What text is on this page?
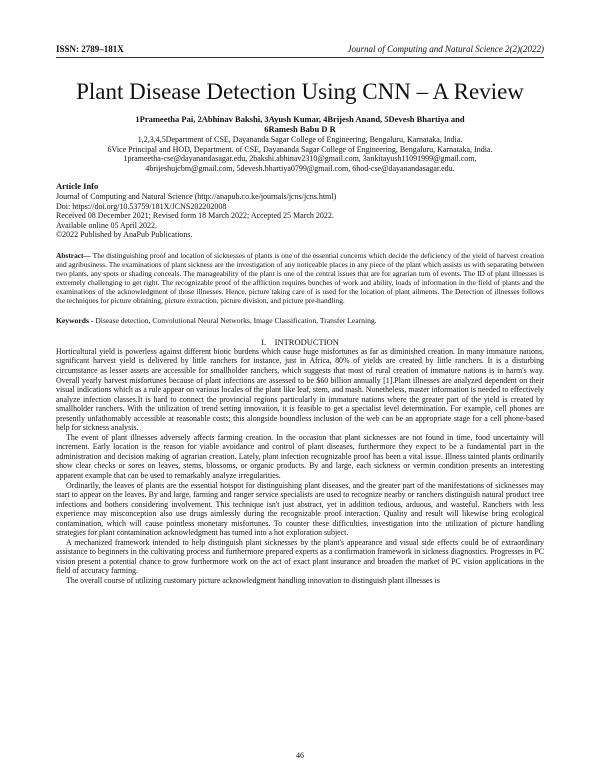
ISSN: 2789–181X	Journal of Computing and Natural Science 2(2)(2022)
Plant Disease Detection Using CNN – A Review
1Prameetha Pai, 2Abhinav Bakshi, 3Ayush Kumar, 4Brijesh Anand, 5Devesh Bhartiya and
6Ramesh Babu D R
1,2,3,4,5Department of CSE, Dayananda Sagar College of Engineering, Bengaluru, Karnataka, India.
6Vice Principal and HOD, Department. of CSE, Dayananda Sagar College of Engineering, Bengaluru, Karnataka, India.
1prameetha-cse@dayanandasagar.edu, 2bakshi.abhinav2310@gmail.com, 3ankitayush11091999@gmail.com,
4brijeshujcbm@gmail.com, 5devesh.bhartiya0799@gmail.com, 6hod-cse@dayanandasagar.edu.
Article Info
Journal of Computing and Natural Science (http://anapub.co.ke/journals/jcns/jcns.html)
Doi: https://doi.org/10.53759/181X/JCNS202202008
Received 08 December 2021; Revised form 18 March 2022; Accepted 25 March 2022.
Available online 05 April 2022.
©2022 Published by AnaPub Publications.
Abstract— The distinguishing proof and location of sicknesses of plants is one of the essential concerns which decide the deficiency of the yield of harvest creation and agribusiness. The examinations of plant sickness are the investigation of any noticeable places in any piece of the plant which assists us with separating between two plants, any spots or shading conceals. The manageability of the plant is one of the central issues that are for agrarian turn of events. The ID of plant illnesses is extremely challenging to get right. The recognizable proof of the affliction requires bunches of work and ability, loads of information in the field of plants and the examinations of the acknowledgment of those illnesses. Hence, picture taking care of is used for the location of plant ailments. The Detection of illnesses follows the techniques for picture obtaining, picture extraction, picture division, and picture pre-handling.
Keywords - Disease detection, Convolutional Neural Networks, Image Classification, Transfer Learning.
I.    INTRODUCTION

Horticultural yield is powerless against different biotic burdens which cause huge misfortunes as far as diminished creation. In many immature nations, significant harvest yield is delivered by little ranchers for instance, just in Africa, 80% of yields are created by little ranchers. It is a disturbing circumstance as lesser assets are accessible for smallholder ranchers, which suggests that most of rural creation of immature nations is in harm's way. Overall yearly harvest misfortunes because of plant infections are assessed to be $60 billion annually [1].Plant illnesses are analyzed dependent on their visual indications which as a rule appear on various locales of the plant like leaf, stem, and mash. Nonetheless, master information is needed to effectively analyze infection classes.It is hard to connect the provincial regions particularly in immature nations where the greater part of the yield is created by smallholder ranchers. With the utilization of trend setting innovation, it is feasible to get a specialist level determination. For example, cell phones are presently unfathomably accessible at reasonable costs; this alongside boundless inclusion of the web can be an appropriate stage for a cell phone-based help for sickness analysis.

The event of plant illnesses adversely affects farming creation. In the occasion that plant sicknesses are not found in time, food uncertainty will increment. Early location is the reason for viable avoidance and control of plant diseases, furthermore they expect to be a fundamental part in the administration and decision making of agrarian creation. Lately, plant infection recognizable proof has been a vital issue. Illness tainted plants ordinarily show clear checks or sores on leaves, stems, blossoms, or organic products. By and large, each sickness or vermin condition presents an interesting apparent example that can be used to remarkably analyze irregularities.

Ordinarily, the leaves of plants are the essential hotspot for distinguishing plant diseases, and the greater part of the manifestations of sicknesses may start to appear on the leaves. By and large, farming and ranger service specialists are used to recognize nearby or ranchers distinguish natural product tree infections and bothers considering involvement. This technique isn't just abstract, yet in addition tedious, arduous, and wasteful. Ranchers with less experience may misconception also use drugs aimlessly during the recognizable proof interaction. Quality and result will likewise bring ecological contamination, which will cause pointless monetary misfortunes. To counter these difficulties, investigation into the utilization of picture handling strategies for plant contamination acknowledgment has turned into a hot exploration subject.

A mechanized framework intended to help distinguish plant sicknesses by the plant's appearance and visual side effects could be of extraordinary assistance to beginners in the cultivating process and furthermore prepared experts as a confirmation framework in sickness diagnostics. Progresses in PC vision present a potential chance to grow furthermore work on the act of exact plant insurance and broaden the market of PC vision applications in the field of accuracy farming.

The overall course of utilizing customary picture acknowledgment handling innovation to distinguish plant illnesses is

46
